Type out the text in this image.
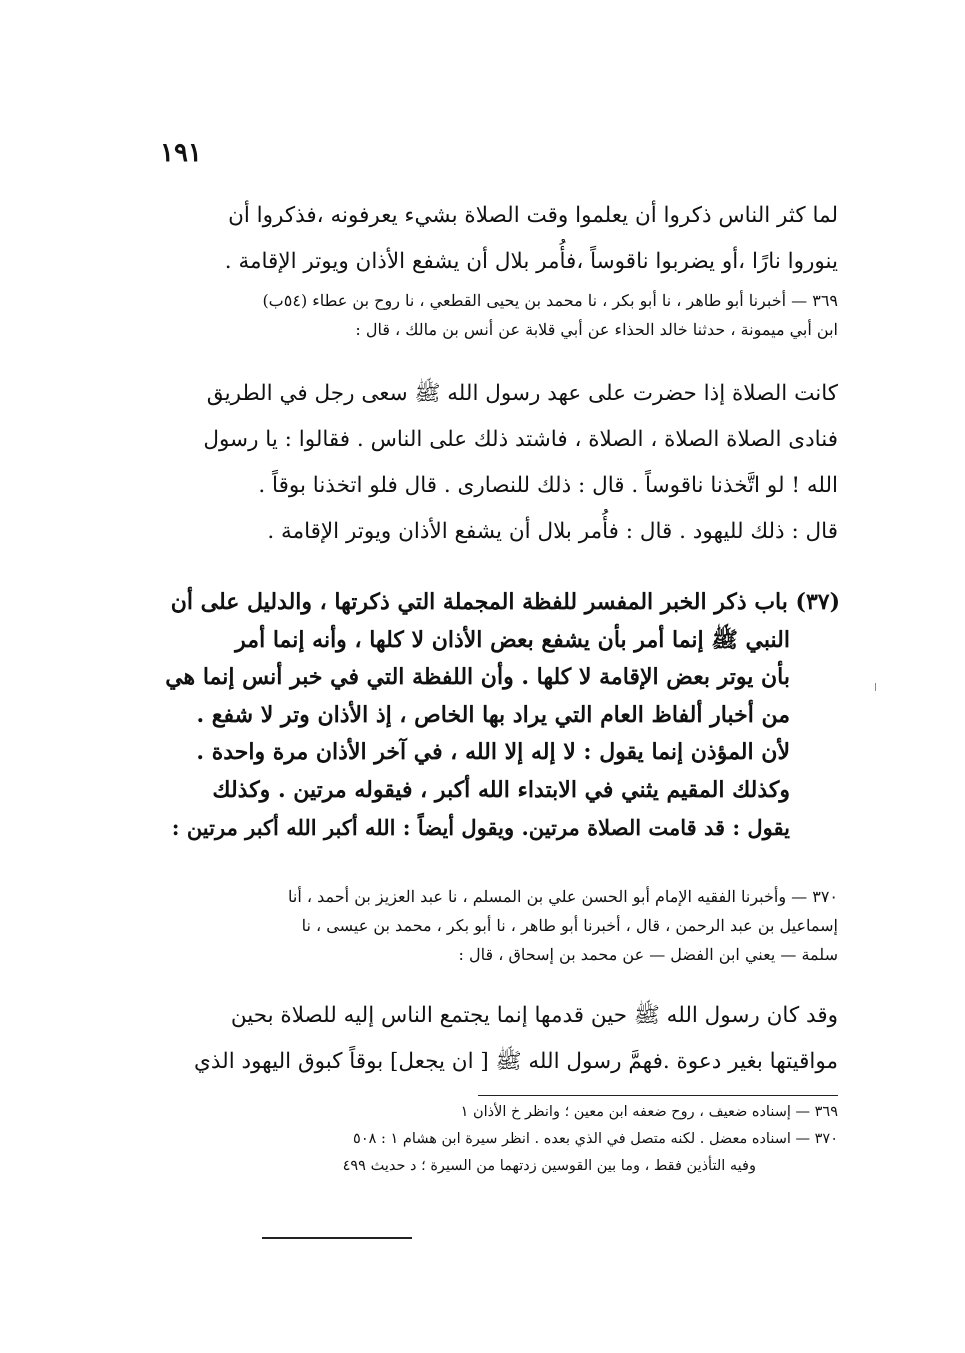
١٩١
لما كثر الناس ذكروا أن يعلموا وقت الصلاة بشيء يعرفونه ،فذكروا أن
ينوروا نارًا ،أو يضربوا ناقوساً ،فأُمر بلال أن يشفع الأذان ويوتر الإقامة .
٣٦٩ — أخبرنا أبو طاهر ، نا أبو بكر ، نا محمد بن يحيى القطعي ، نا روح بن عطاء (٥٤ب)
ابن أبي ميمونة ، حدثنا خالد الحذاء عن أبي قلابة عن أنس بن مالك ، قال :
كانت الصلاة إذا حضرت على عهد رسول الله ﷺ سعى رجل في الطريق
فنادى الصلاة الصلاة ، الصلاة ، فاشتد ذلك على الناس . فقالوا : يا رسول
الله ! لو اتَّخذنا ناقوساً . قال : ذلك للنصارى . قال فلو اتخذنا بوقاً .
قال : ذلك لليهود . قال : فأُمر بلال أن يشفع الأذان ويوتر الإقامة .
(٣٧) باب ذكر الخبر المفسر للفظة المجملة التي ذكرتها ، والدليل على أن
النبي ﷺ إنما أمر بأن يشفع بعض الأذان لا كلها ، وأنه إنما أمر
بأن يوتر بعض الإقامة لا كلها . وأن اللفظة التي في خبر أنس إنما هي
من أخبار ألفاظ العام التي يراد بها الخاص ، إذ الأذان وتر لا شفع .
لأن المؤذن إنما يقول : لا إله إلا الله ، في آخر الأذان مرة واحدة .
وكذلك المقيم يثني في الابتداء الله أكبر ، فيقوله مرتين . وكذلك
يقول : قد قامت الصلاة مرتين. ويقول أيضاً : الله أكبر الله أكبر مرتين :
٣٧٠ — وأخبرنا الفقيه الإمام أبو الحسن علي بن المسلم ، نا عبد العزيز بن أحمد ، أنا
إسماعيل بن عبد الرحمن ، قال ، أخبرنا أبو طاهر ، نا أبو بكر ، محمد بن عيسى ، نا
سلمة — يعني ابن الفضل — عن محمد بن إسحاق ، قال :
وقد كان رسول الله ﷺ حين قدمها إنما يجتمع الناس إليه للصلاة بحين
مواقيتها بغير دعوة .فهمَّ رسول الله ﷺ [ ان يجعل] بوقاً كبوق اليهود الذي
٣٦٩ — إسناده ضعيف ، روح ضعفه ابن معين ؛ وانظر خ الأذان ١
٣٧٠ — اسناده معضل . لكنه متصل في الذي بعده . انظر سيرة ابن هشام ١ : ٥٠٨
وفيه التأذين فقط ، وما بين القوسين زدتهما من السيرة ؛ د حديث ٤٩٩
